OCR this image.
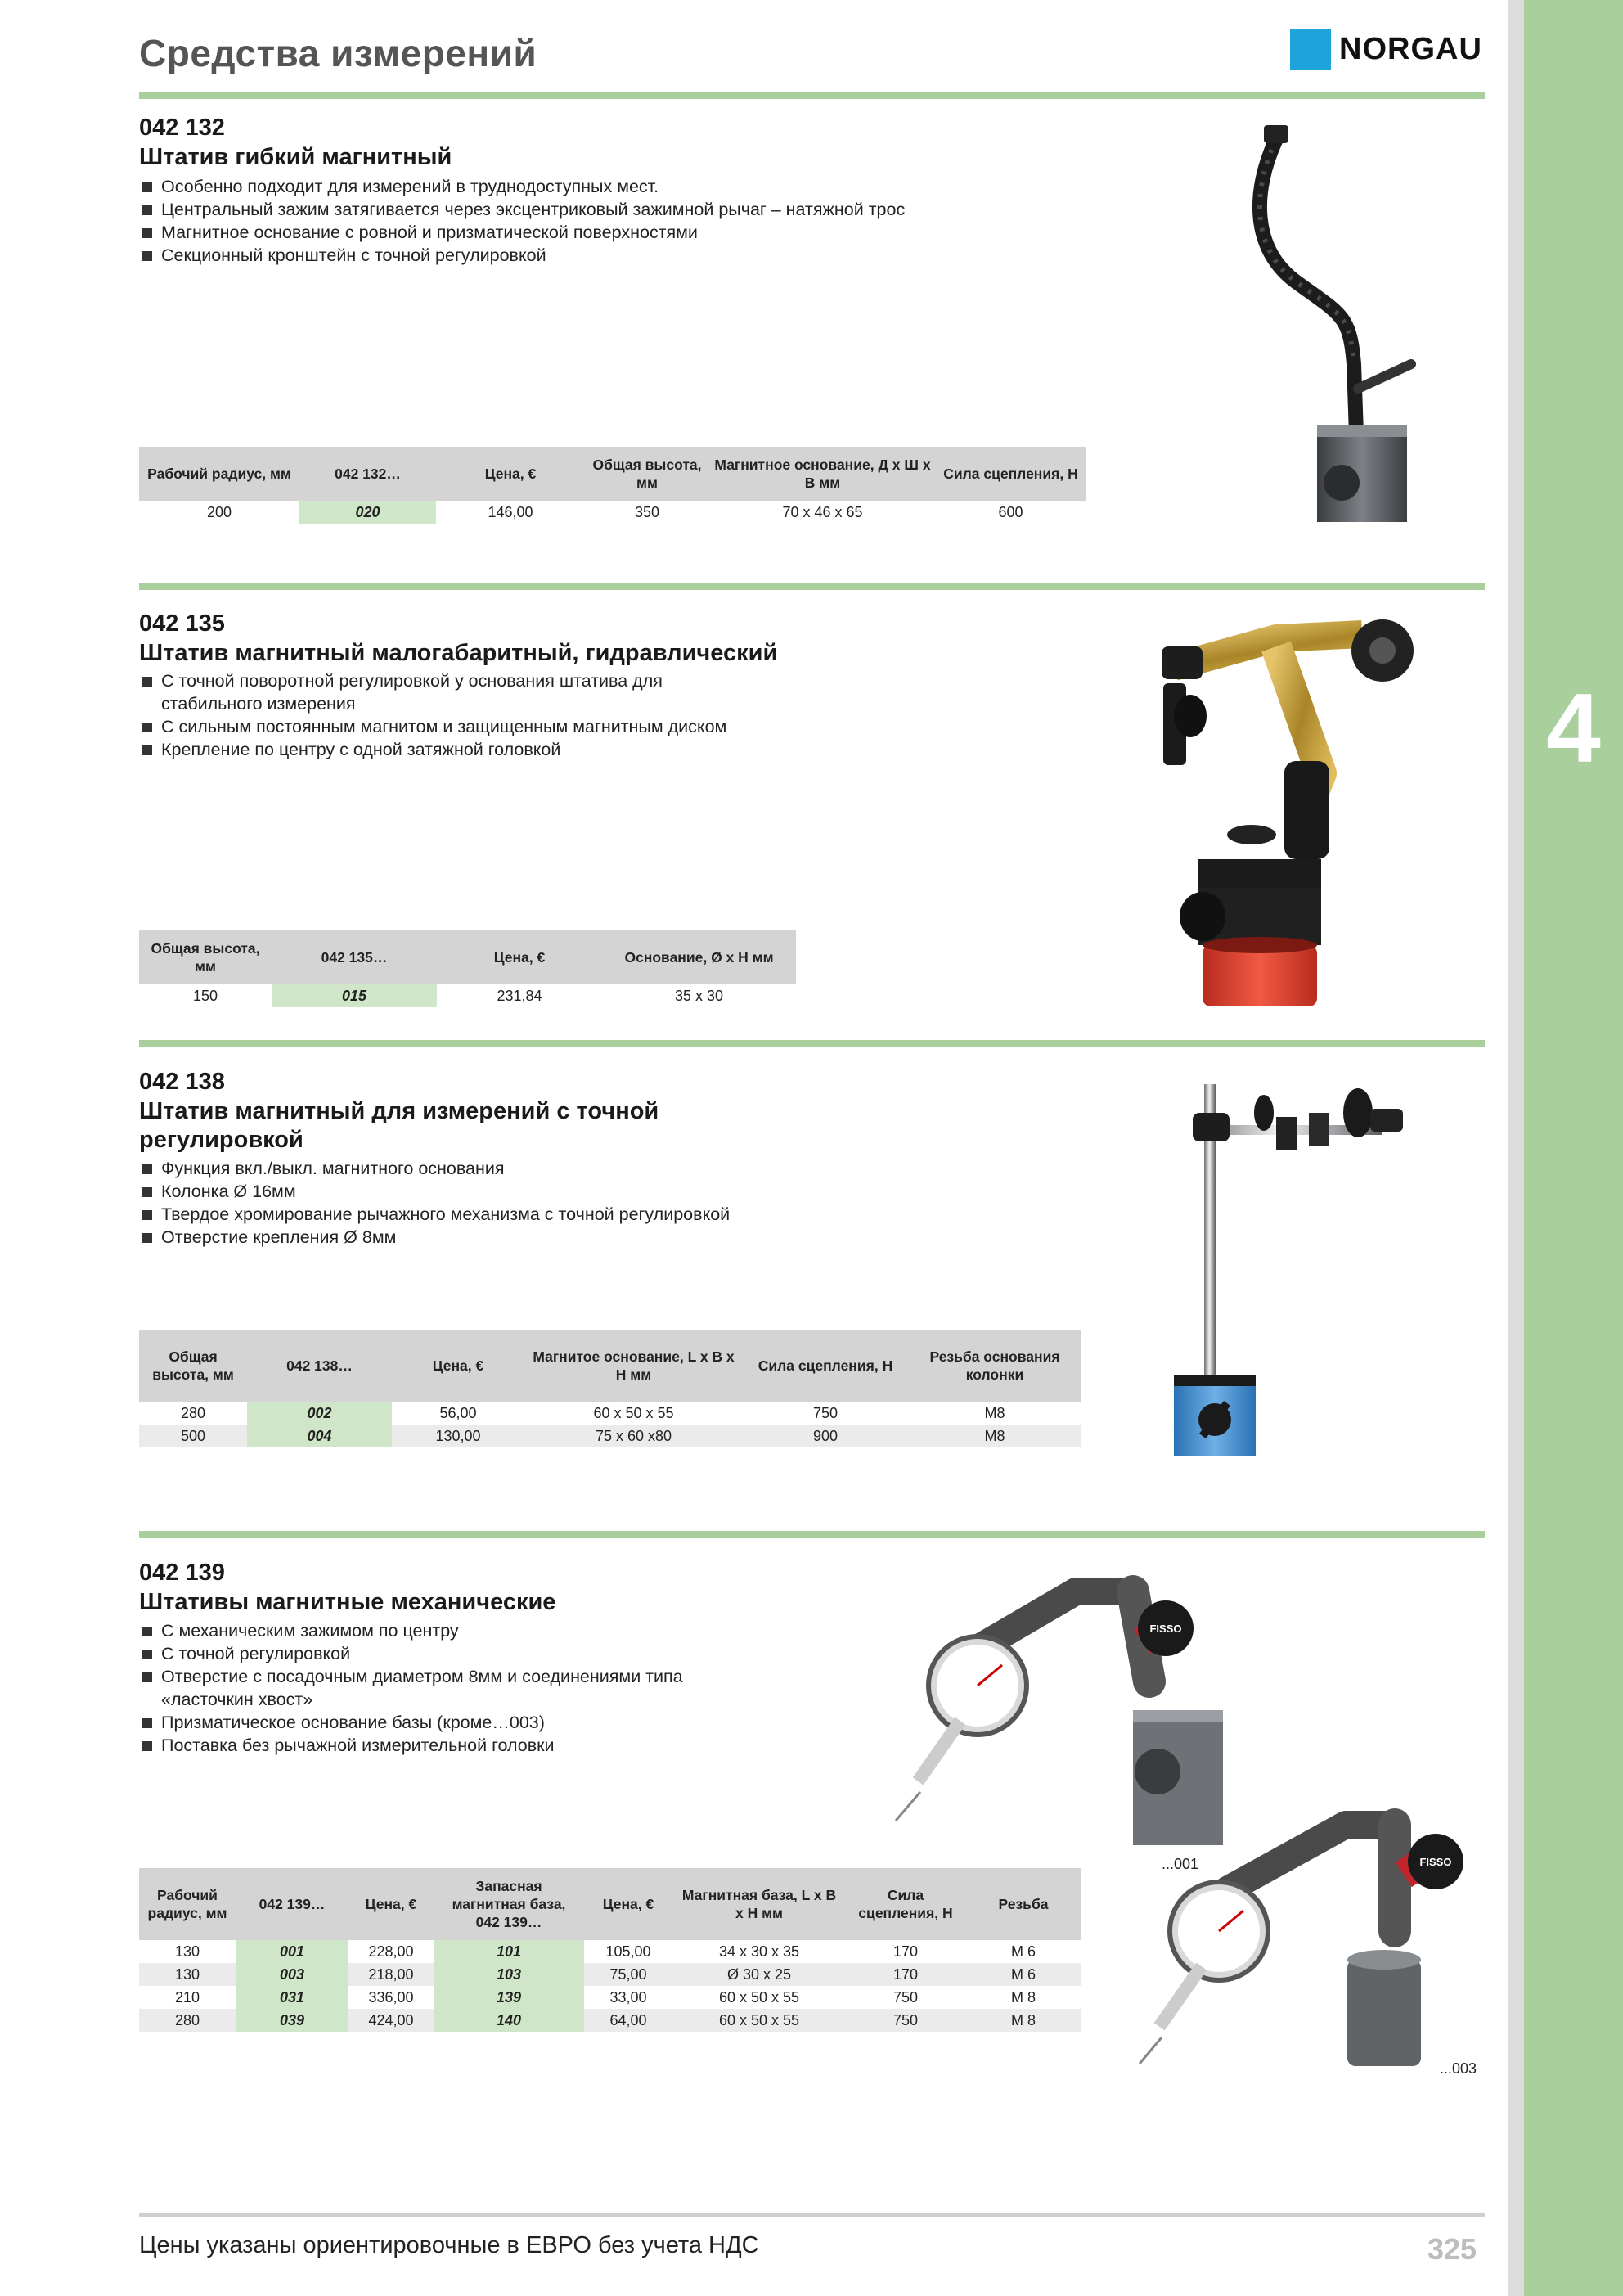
4
Средства измерений	NORGAU
042 132
Штатив гибкий магнитный
Особенно подходит для измерений в труднодоступных мест.
Центральный зажим затягивается через эксцентриковый зажимной рычаг – натяжной трос
Магнитное основание с ровной и призматической поверхностями
Секционный кронштейн с точной регулировкой
Рабочий радиус, мм	042 132…	Цена, €	Общая высота, мм	Магнитное основание, Д x Ш x В мм	Сила сцепления, Н
200	020	146,00	350	70 x 46 x 65	600
042 135
Штатив магнитный малогабаритный, гидравлический
С точной поворотной регулировкой у основания штатива для стабильного измерения
С сильным постоянным магнитом и защищенным магнитным диском
Крепление по центру с одной затяжной головкой
Общая высота, мм	042 135…	Цена, €	Основание, Ø x Н мм
150	015	231,84	35 x 30
042 138
Штатив магнитный для измерений с точной регулировкой
Функция вкл./выкл. магнитного основания
Колонка Ø 16мм
Твердое хромирование рычажного механизма с точной регулировкой
Отверстие крепления Ø 8мм
Общая высота, мм	042 138…	Цена, €	Магнитое основание, L x B x H мм	Сила сцепления, Н	Резьба основания колонки
280	002	56,00	60 x 50 x 55	750	M8
500	004	130,00	75 x 60 x80	900	M8
042 139
Штативы магнитные механические
С механическим зажимом по центру
С точной регулировкой
Отверстие с посадочным диаметром 8мм и соединениями типа «ласточкин хвост»
Призматическое основание базы (кроме…003)
Поставка без рычажной измерительной головки
Рабочий радиус, мм	042 139…	Цена, €	Запасная магнитная база, 042 139…	Цена, €	Магнитная база, L x B x H мм	Сила сцепления, Н	Резьба
130	001	228,00	101	105,00	34 x 30 x 35	170	M 6
130	003	218,00	103	75,00	Ø 30 x 25	170	M 6
210	031	336,00	139	33,00	60 x 50 x 55	750	M 8
280	039	424,00	140	64,00	60 x 50 x 55	750	M 8
FISSO
...001	FISSO
...003
Цены указаны ориентировочные в ЕВРО без учета НДС	325
